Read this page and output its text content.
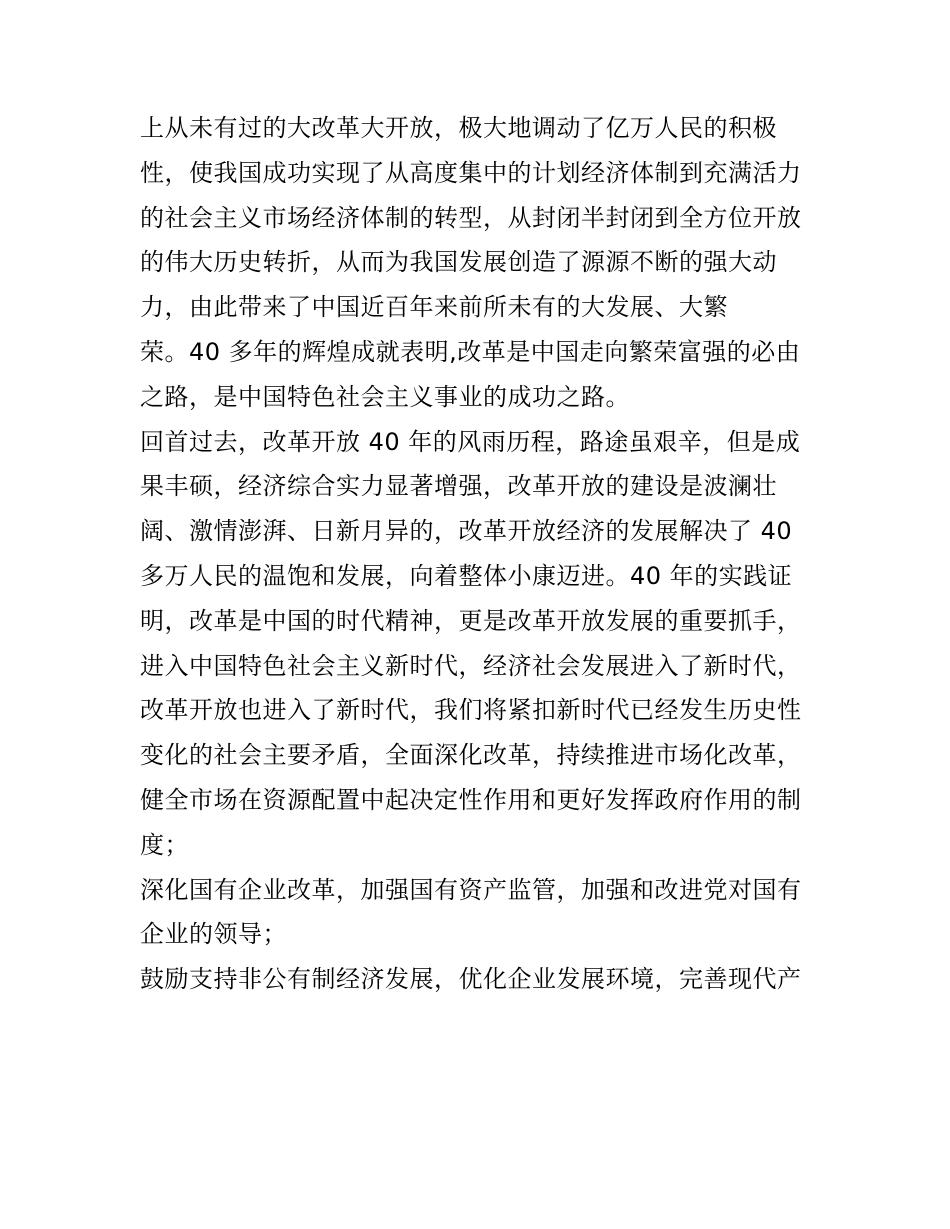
上从未有过的大改革大开放，极大地调动了亿万人民的积极
性，使我国成功实现了从高度集中的计划经济体制到充满活力
的社会主义市场经济体制的转型，从封闭半封闭到全方位开放
的伟大历史转折，从而为我国发展创造了源源不断的强大动
力，由此带来了中国近百年来前所未有的大发展、大繁
荣。40 多年的辉煌成就表明,改革是中国走向繁荣富强的必由
之路，是中国特色社会主义事业的成功之路。
回首过去，改革开放 40 年的风雨历程，路途虽艰辛，但是成
果丰硕，经济综合实力显著增强，改革开放的建设是波澜壮
阔、激情澎湃、日新月异的，改革开放经济的发展解决了 40
多万人民的温饱和发展，向着整体小康迈进。40 年的实践证
明，改革是中国的时代精神，更是改革开放发展的重要抓手，
进入中国特色社会主义新时代，经济社会发展进入了新时代，
改革开放也进入了新时代，我们将紧扣新时代已经发生历史性
变化的社会主要矛盾，全面深化改革，持续推进市场化改革，
健全市场在资源配置中起决定性作用和更好发挥政府作用的制
度；
深化国有企业改革，加强国有资产监管，加强和改进党对国有
企业的领导；
鼓励支持非公有制经济发展，优化企业发展环境，完善现代产
